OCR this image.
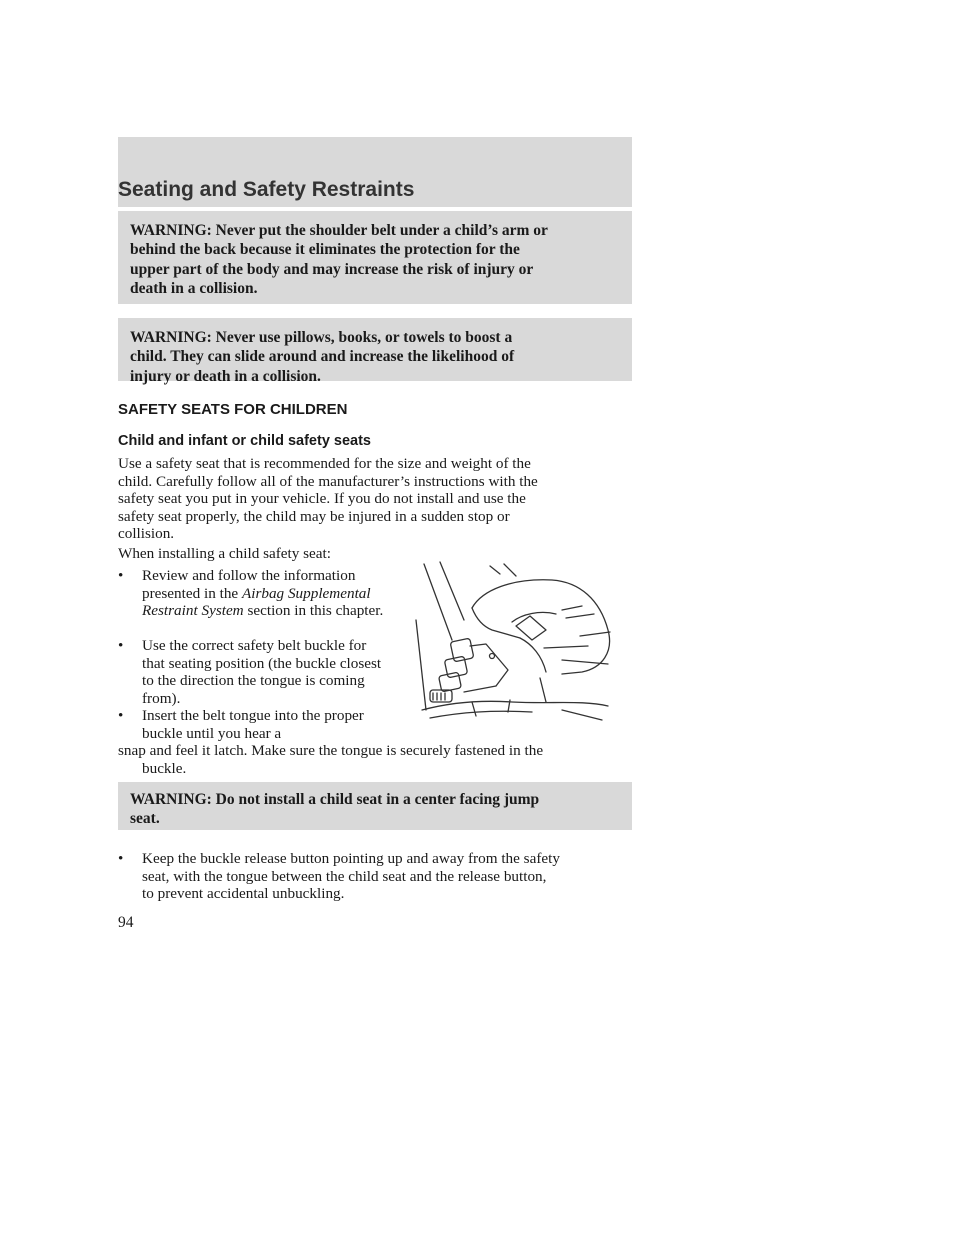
Seating and Safety Restraints
WARNING: Never put the shoulder belt under a child’s arm or
behind the back because it eliminates the protection for the
upper part of the body and may increase the risk of injury or
death in a collision.
WARNING: Never use pillows, books, or towels to boost a
child. They can slide around and increase the likelihood of
injury or death in a collision.
SAFETY SEATS FOR CHILDREN
Child and infant or child safety seats
Use a safety seat that is recommended for the size and weight of the
child. Carefully follow all of the manufacturer’s instructions with the
safety seat you put in your vehicle. If you do not install and use the
safety seat properly, the child may be injured in a sudden stop or
collision.

When installing a child safety seat:

•	Review and follow the information presented in the Airbag Supplemental Restraint System section in this chapter.
•	Use the correct safety belt buckle for that seating position (the buckle closest to the direction the tongue is coming from).
•	Insert the belt tongue into the proper buckle until you hear a
snap and feel it latch. Make sure the tongue is securely fastened in the
buckle.
WARNING: Do not install a child seat in a center facing jump
seat.
•	Keep the buckle release button pointing up and away from the safety
seat, with the tongue between the child seat and the release button,
to prevent accidental unbuckling.

94
